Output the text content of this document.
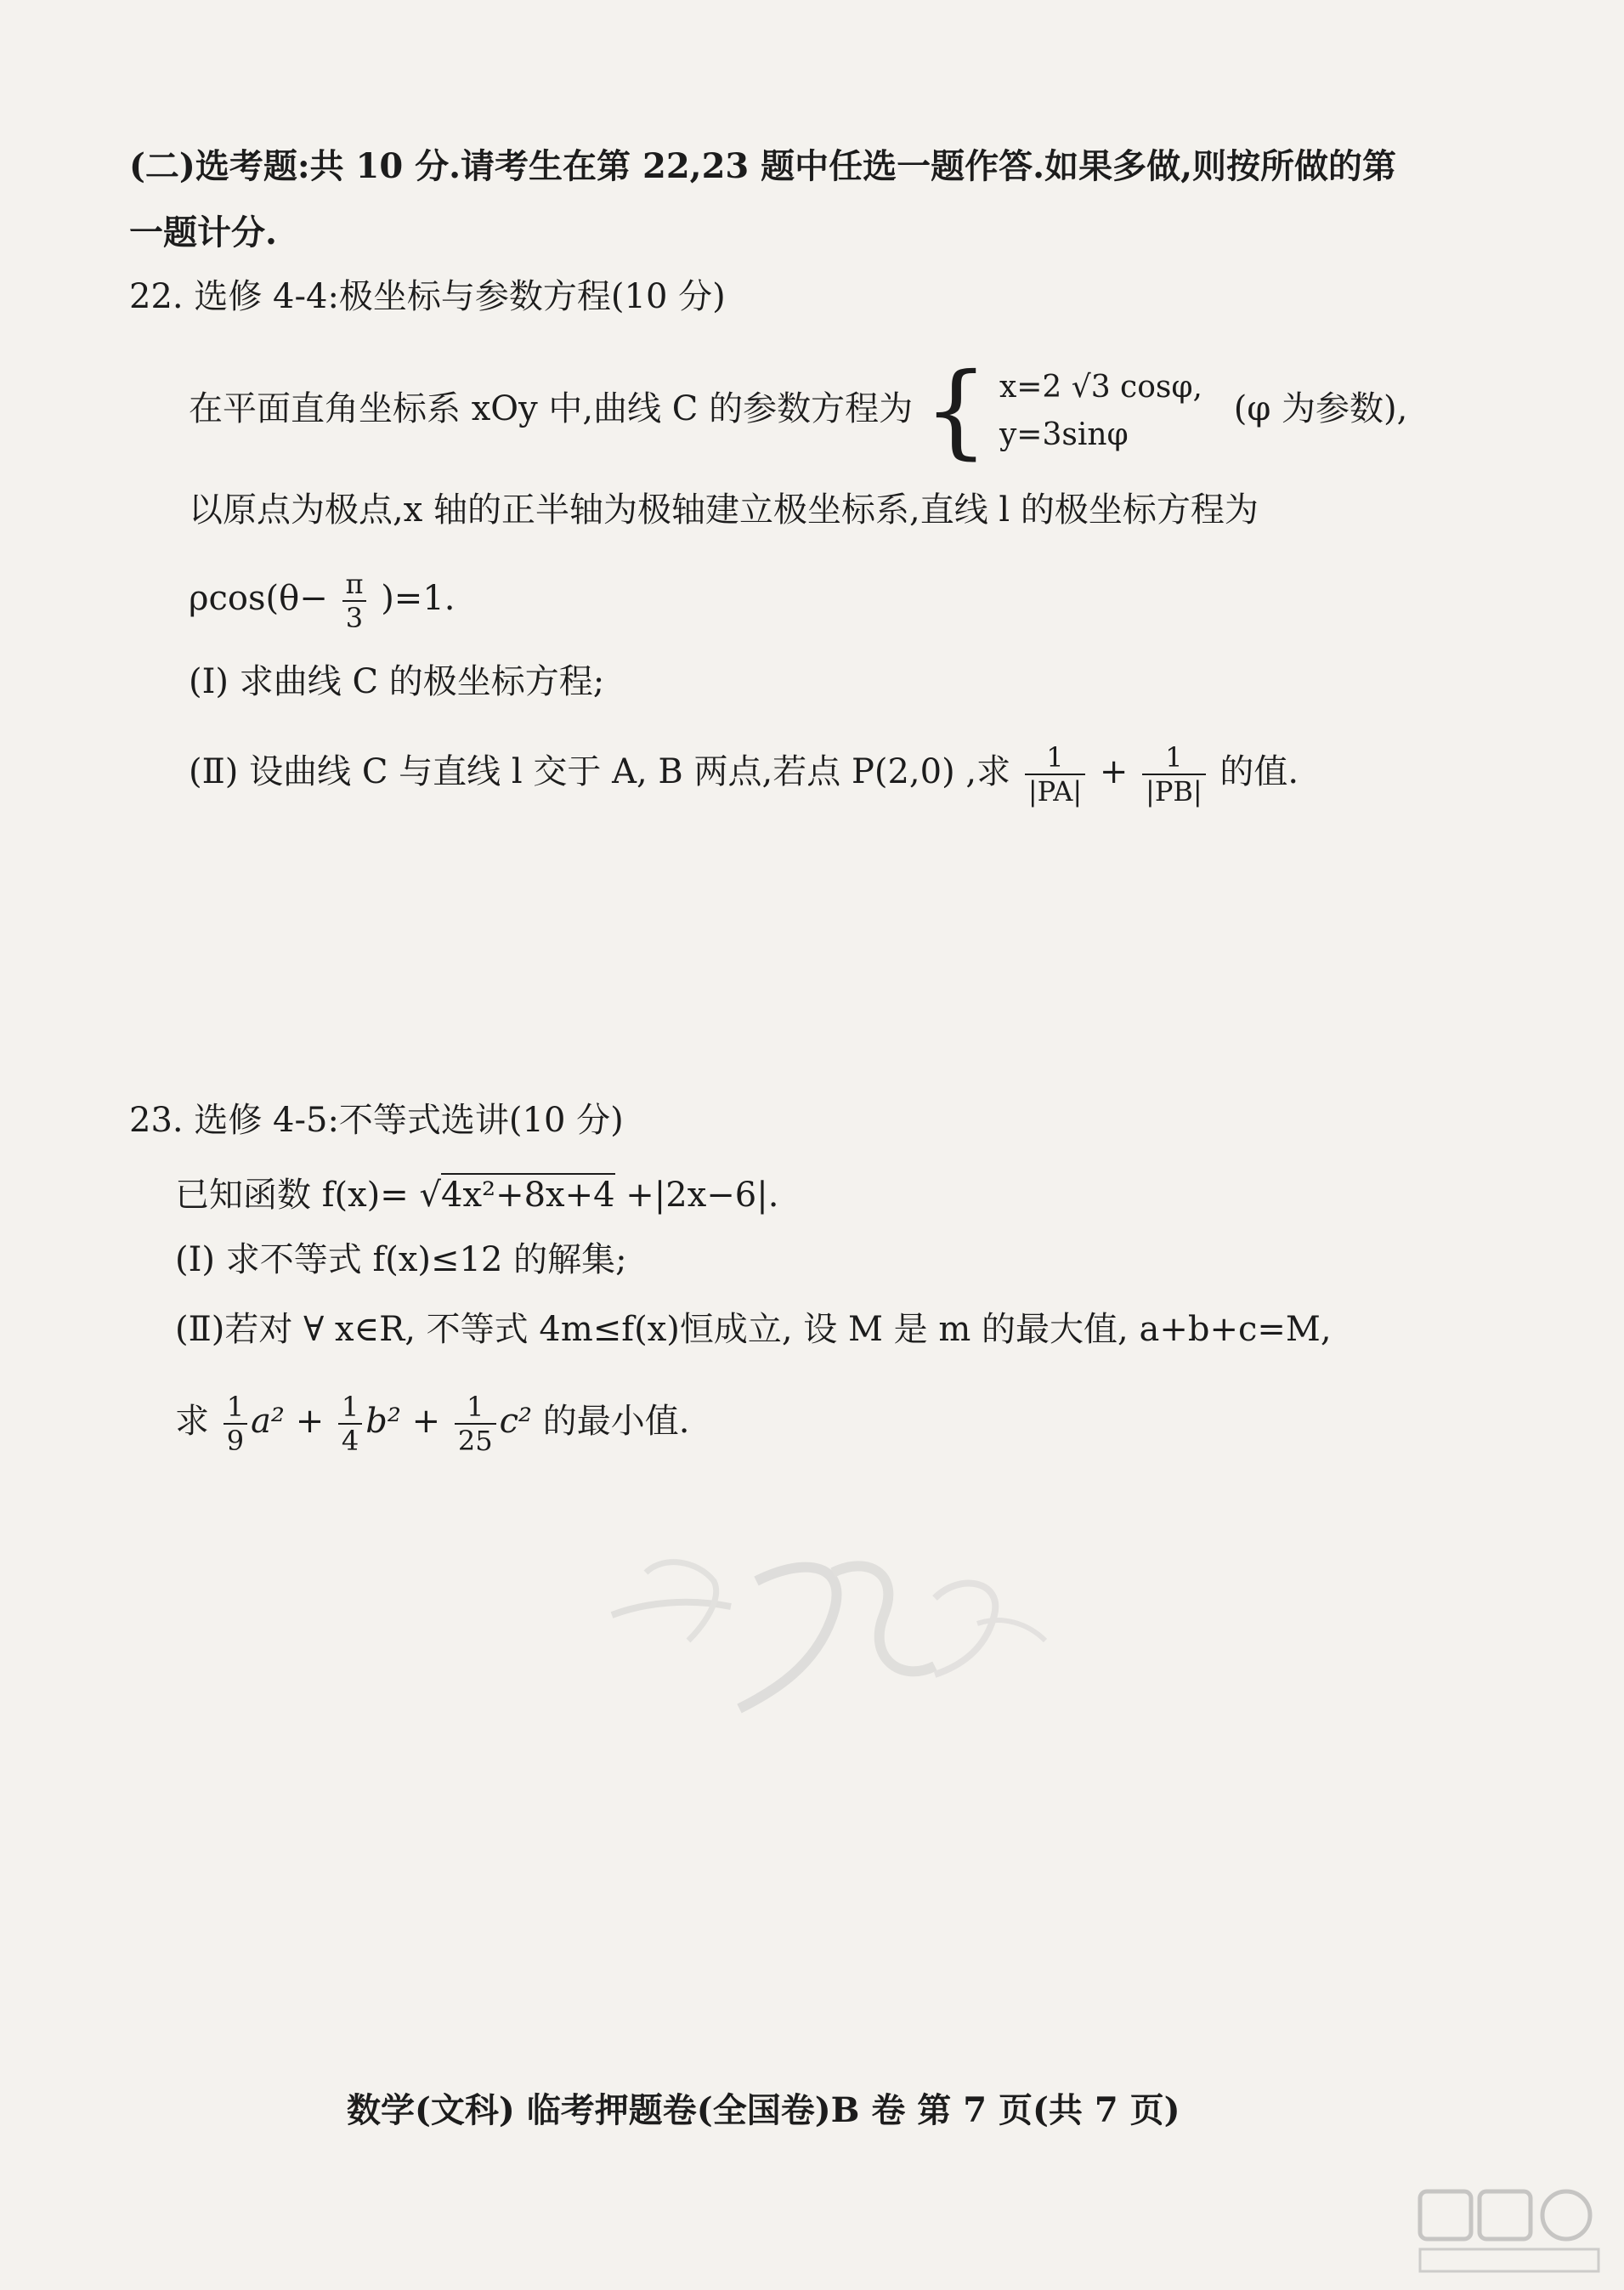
(二)选考题:共 10 分.请考生在第 22,23 题中任选一题作答.如果多做,则按所做的第
一题计分.
22. 选修 4-4:极坐标与参数方程(10 分)
在平面直角坐标系 xOy 中,曲线 C 的参数方程为 { x=2 √3 cosφ,
y=3sinφ
(φ 为参数),
以原点为极点,x 轴的正半轴为极轴建立极坐标系,直线 l 的极坐标方程为
$\rho\cos(\theta- \frac{\pi}{3} )=1$.
(Ⅰ) 求曲线 C 的极坐标方程;
(Ⅱ) 设曲线 C 与直线 l 交于 A, B 两点,若点 P(2,0) ,求 $\frac{1}{|PA|} + \frac{1}{|PB|}$ 的值.
23. 选修 4-5:不等式选讲(10 分)
已知函数 f(x)= √4x²+8x+4 +|2x−6|.
(Ⅰ) 求不等式 f(x)≤12 的解集;
(Ⅱ)若对 ∀ x∈R, 不等式 4m≤f(x)恒成立, 设 M 是 m 的最大值, a+b+c=M,
求 $\frac{1}{9} a^2 + \frac{1}{4} b^2 + \frac{1}{25} c^2$ 的最小值.
数学(文科) 临考押题卷(全国卷)B 卷 第 7 页(共 7 页)
